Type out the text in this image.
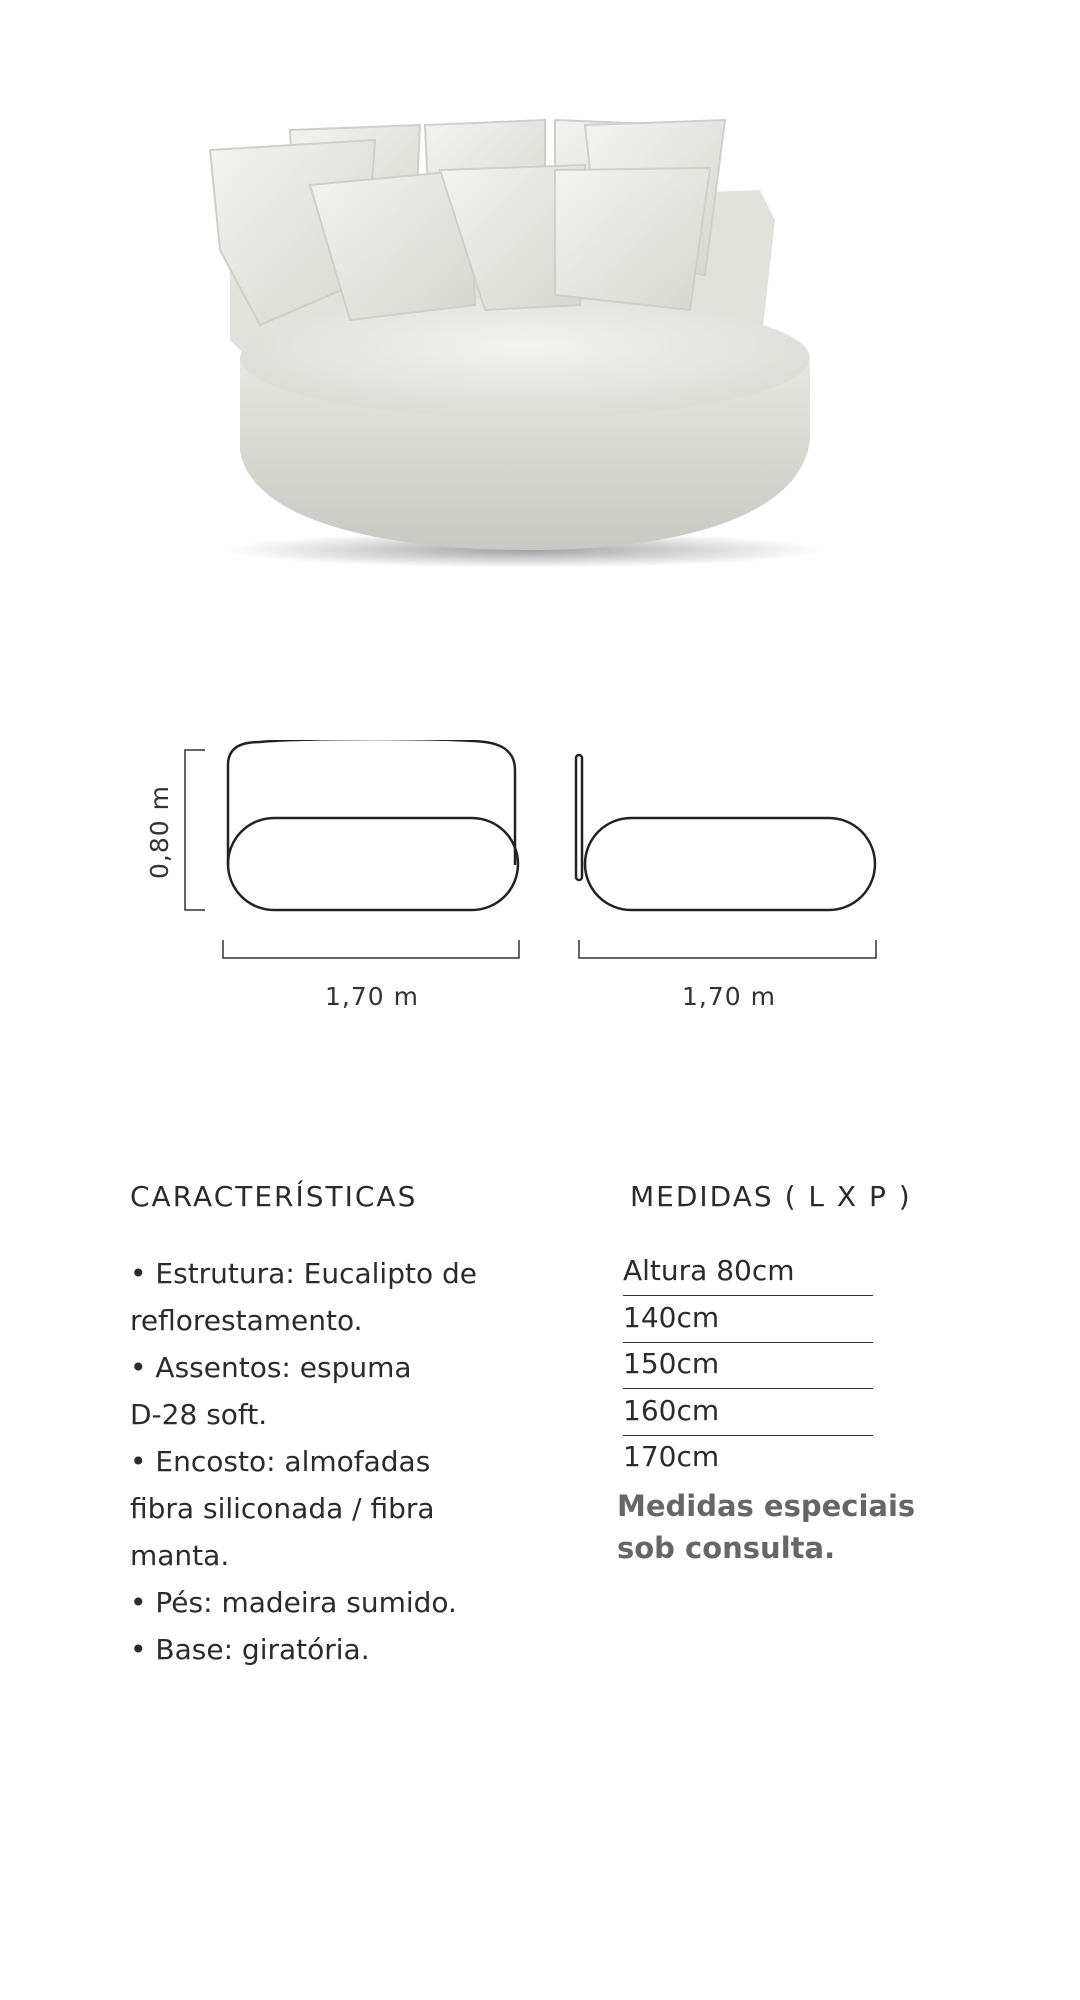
0,80 m
1,70 m	1,70 m
CARACTERÍSTICAS	MEDIDAS ( L X P )
• Estrutura: Eucalipto de
reflorestamento.
• Assentos: espuma
D-28 soft.
• Encosto: almofadas
fibra siliconada / fibra
manta.
• Pés: madeira sumido.
• Base: giratória.
Altura 80cm
140cm
150cm
160cm
170cm

Medidas especiais
sob consulta.
